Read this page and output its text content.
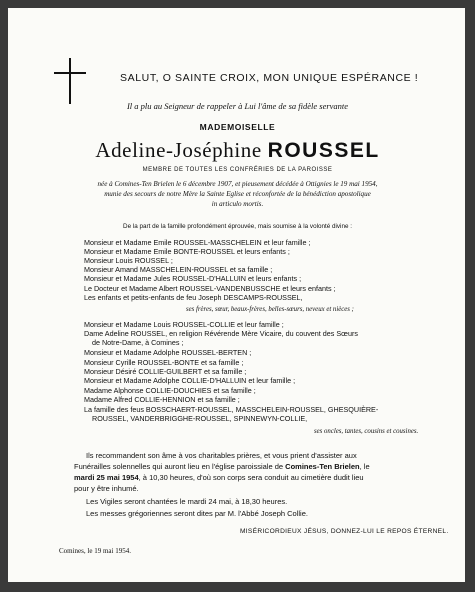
SALUT, O SAINTE CROIX, MON UNIQUE ESPÉRANCE !
Il a plu au Seigneur de rappeler à Lui l'âme de sa fidèle servante
MADEMOISELLE
Adeline-Joséphine ROUSSEL
MEMBRE DE TOUTES LES CONFRÉRIES DE LA PAROISSE
née à Comines-Ten Brielen le 6 décembre 1907, et pieusement décédée à Ottignies le 19 mai 1954,
munie des secours de notre Mère la Sainte Eglise et réconfortée de la bénédiction apostolique
in articulo mortis.
De la part de la famille profondément éprouvée, mais soumise à la volonté divine :
Monsieur et Madame Emile ROUSSEL-MASSCHELEIN et leur famille ;
Monsieur et Madame Emile BONTE-ROUSSEL et leurs enfants ;
Monsieur Louis ROUSSEL ;
Monsieur Amand MASSCHELEIN-ROUSSEL et sa famille ;
Monsieur et Madame Jules ROUSSEL-D'HALLUIN et leurs enfants ;
Le Docteur et Madame Albert ROUSSEL-VANDENBUSSCHE et leurs enfants ;
Les enfants et petits-enfants de feu Joseph DESCAMPS-ROUSSEL,
ses frères, sœur, beaux-frères, belles-sœurs, neveux et nièces ;
Monsieur et Madame Louis ROUSSEL-COLLIE et leur famille ;
Dame Adeline ROUSSEL, en religion Révérende Mère Vicaire, du couvent des Sœurs
de Notre-Dame, à Comines ;
Monsieur et Madame Adolphe ROUSSEL-BERTEN ;
Monsieur Cyrille ROUSSEL-BONTE et sa famille ;
Monsieur Désiré COLLIE-GUILBERT et sa famille ;
Monsieur et Madame Adolphe COLLIE-D'HALLUIN et leur famille ;
Madame Alphonse COLLIE-DOUCHIES et sa famille ;
Madame Alfred COLLIE-HENNION et sa famille ;
La famille des feus BOSSCHAERT-ROUSSEL, MASSCHELEIN-ROUSSEL, GHESQUIÈRE-
ROUSSEL, VANDERBRIGGHE-ROUSSEL, SPINNEWYN-COLLIE,
ses oncles, tantes, cousins et cousines.
Ils recommandent son âme à vos charitables prières, et vous prient d'assister aux
Funérailles solennelles qui auront lieu en l'église paroissiale de Comines-Ten Brielen, le
mardi 25 mai 1954, à 10,30 heures, d'où son corps sera conduit au cimetière dudit lieu
pour y être inhumé.
Les Vigiles seront chantées le mardi 24 mai, à 18,30 heures.
Les messes grégoriennes seront dites par M. l'Abbé Joseph Collie.
MISÉRICORDIEUX JÉSUS, DONNEZ-LUI LE REPOS ÉTERNEL.
Comines, le 19 mai 1954.
